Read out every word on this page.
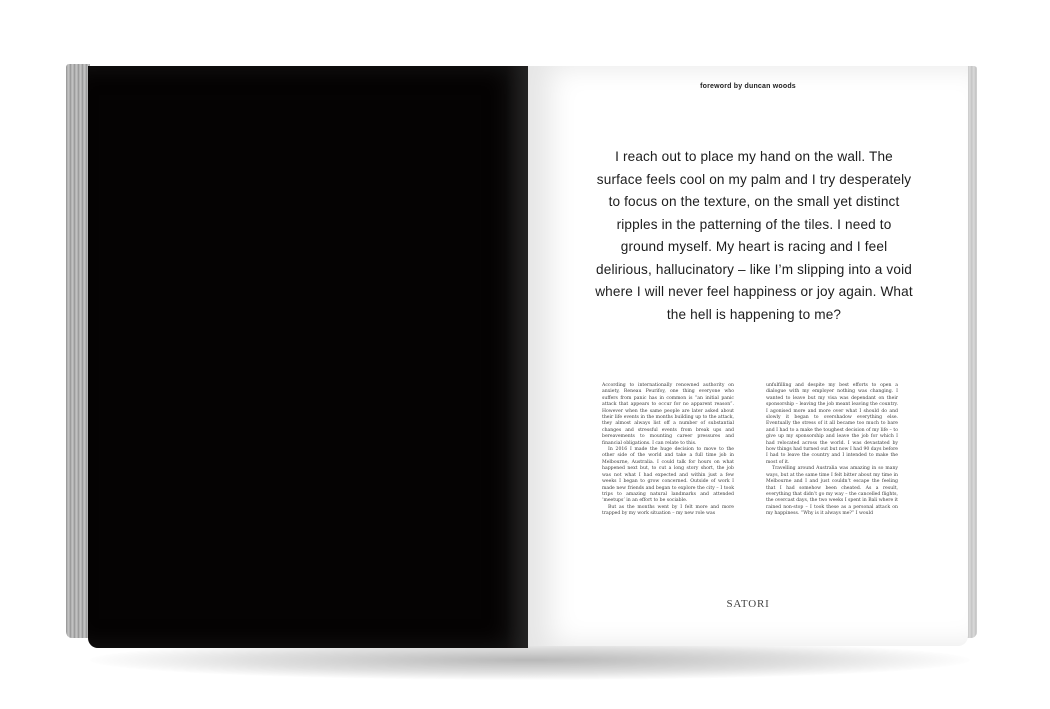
foreword by duncan woods
I reach out to place my hand on the wall. The surface feels cool on my palm and I try desperately to focus on the texture, on the small yet distinct ripples in the patterning of the tiles. I need to ground myself. My heart is racing and I feel delirious, hallucinatory – like I’m slipping into a void where I will never feel happiness or joy again. What the hell is happening to me?

According to internationally renowned authority on anxiety, Reneau Peurifoy, one thing everyone who suffers from panic has in common is “an initial panic attack that appears to occur for no apparent reason”. However when the same people are later asked about their life events in the months building up to the attack, they almost always list off a number of substantial changes and stressful events from break ups and bereavements to mounting career pressures and financial obligations. I can relate to this.

In 2016 I made the huge decision to move to the other side of the world and take a full time job in Melbourne, Australia. I could talk for hours on what happened next but, to cut a long story short, the job was not what I had expected and within just a few weeks I began to grow concerned. Outside of work I made new friends and began to explore the city – I took trips to amazing natural landmarks and attended ‘meetups’ in an effort to be sociable.

But as the months went by I felt more and more trapped by my work situation – my new role was

unfulfilling and despite my best efforts to open a dialogue with my employer nothing was changing. I wanted to leave but my visa was dependant on their sponsorship – leaving the job meant leaving the country. I agonised more and more over what I should do and slowly it began to overshadow everything else. Eventually the stress of it all became too much to bare and I had to a make the toughest decision of my life – to give up my sponsorship and leave the job for which I had relocated across the world. I was devastated by how things had turned out but now I had 90 days before I had to leave the country and I intended to make the most of it.

Travelling around Australia was amazing in so many ways, but at the same time I felt bitter about my time in Melbourne and I and just couldn’t escape the feeling that I had somehow been cheated. As a result, everything that didn’t go my way – the cancelled flights, the overcast days, the two weeks I spent in Bali where it rained non-stop – I took these as a personal attack on my happiness. “Why is it always me?” I would

SATORI
